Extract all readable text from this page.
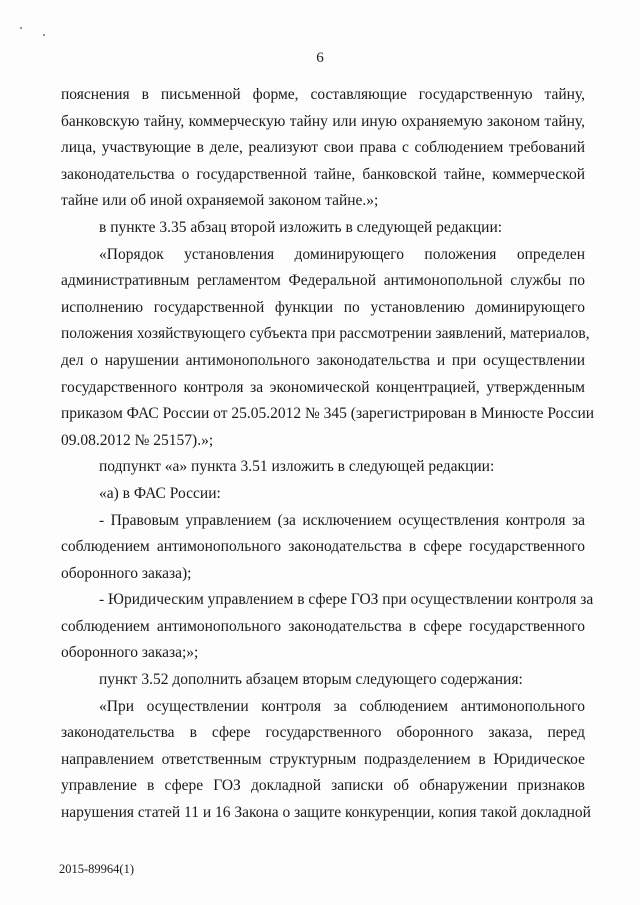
6
пояснения в письменной форме, составляющие государственную тайну,
банковскую тайну, коммерческую тайну или иную охраняемую законом тайну,
лица, участвующие в деле, реализуют свои права с соблюдением требований
законодательства о государственной тайне, банковской тайне, коммерческой
тайне или об иной охраняемой законом тайне.»;
в пункте 3.35 абзац второй изложить в следующей редакции:
«Порядок установления доминирующего положения определен
административным регламентом Федеральной антимонопольной службы по
исполнению государственной функции по установлению доминирующего
положения хозяйствующего субъекта при рассмотрении заявлений, материалов,
дел о нарушении антимонопольного законодательства и при осуществлении
государственного контроля за экономической концентрацией, утвержденным
приказом ФАС России от 25.05.2012 № 345 (зарегистрирован в Минюсте России
09.08.2012 № 25157).»;
подпункт «а» пункта 3.51 изложить в следующей редакции:
«а) в ФАС России:
- Правовым управлением (за исключением осуществления контроля за
соблюдением антимонопольного законодательства в сфере государственного
оборонного заказа);
- Юридическим управлением в сфере ГОЗ при осуществлении контроля за
соблюдением антимонопольного законодательства в сфере государственного
оборонного заказа;»;
пункт 3.52 дополнить абзацем вторым следующего содержания:
«При осуществлении контроля за соблюдением антимонопольного
законодательства в сфере государственного оборонного заказа, перед
направлением ответственным структурным подразделением в Юридическое
управление в сфере ГОЗ докладной записки об обнаружении признаков
нарушения статей 11 и 16 Закона о защите конкуренции, копия такой докладной
2015-89964(1)
